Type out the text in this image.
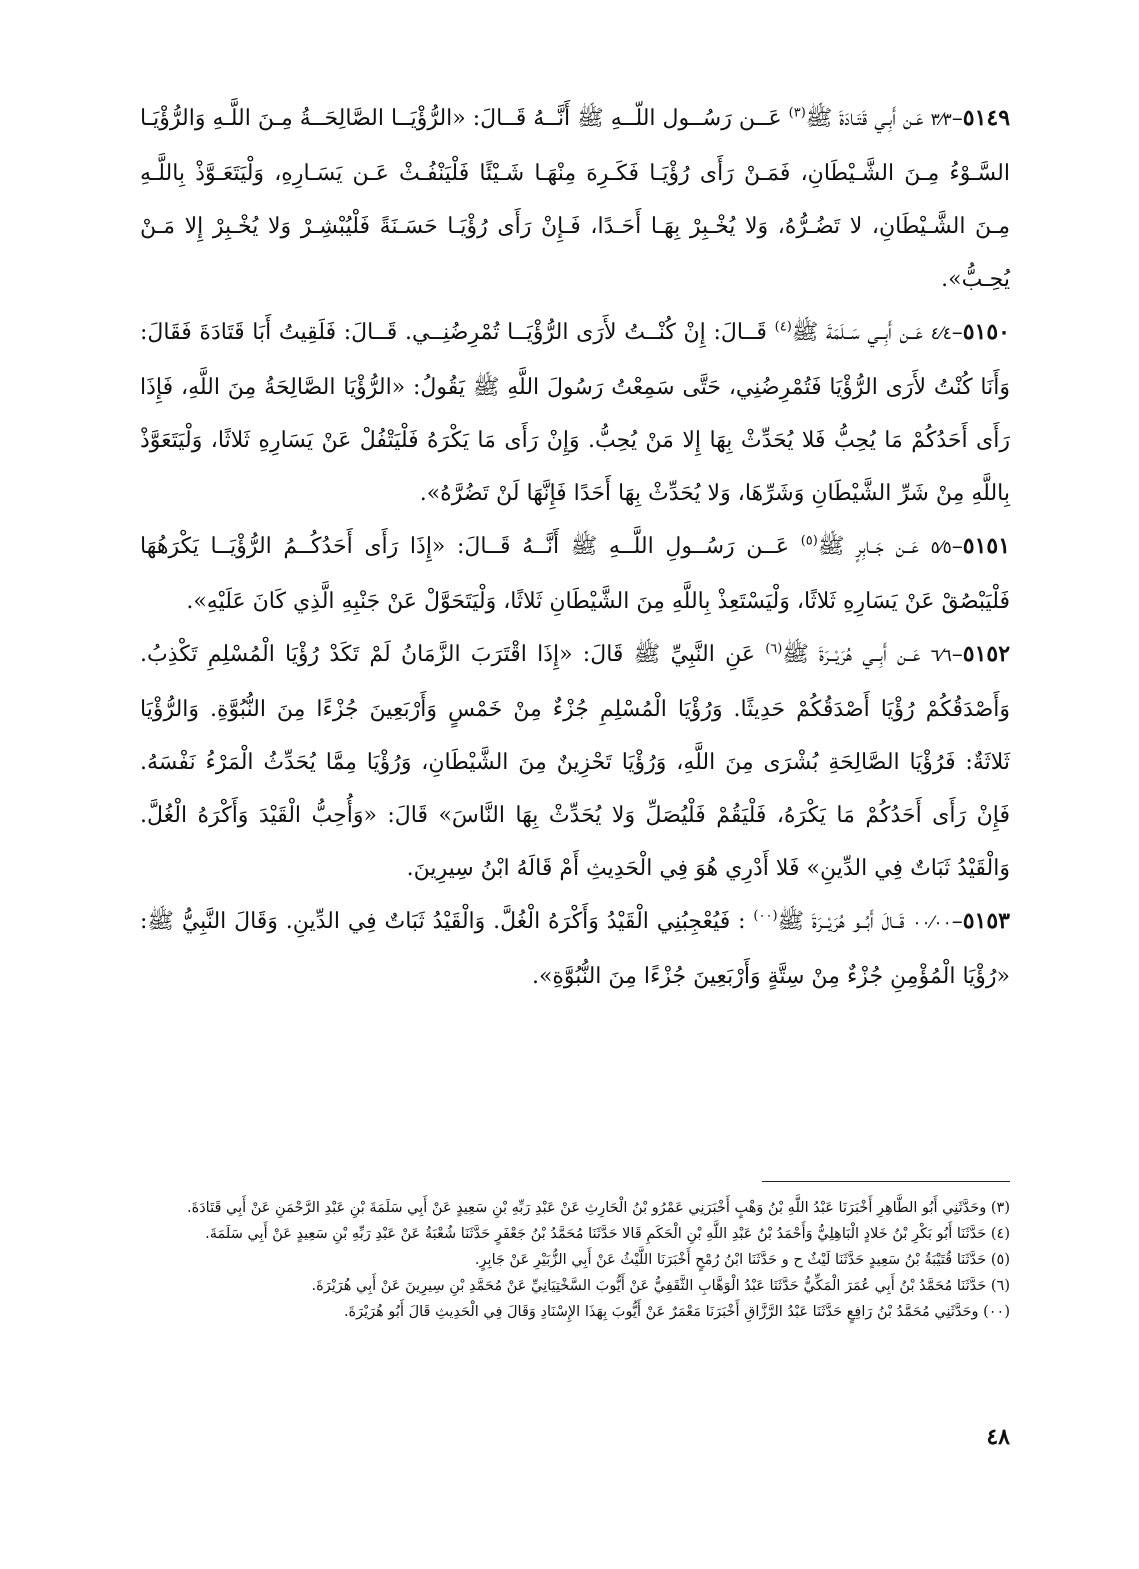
٥١٤٩–٣⁄٣ عَـن أَبِـي قَتَـادَةَ ﷺ$^{(٣)}$ عَــن رَسُــول اللّــهِ ﷺ أَنَّــهُ قَــالَ: «الرُّؤْيَــا الصَّالِحَــةُ مِـنَ اللَّـهِ وَالرُّؤْيَـا السَّـوْءُ مِـنَ الشَّـيْطَانِ، فَمَـنْ رَأَى رُؤْيَـا فَكَـرِهَ مِنْهَـا شَـيْئًا فَلْيَنْفُـثْ عَـن يَسَـارِهِ، وَلْيَتَعَـوَّذْ بِاللَّـهِ مِـنَ الشَّـيْطَانِ، لا تَضُـرُّهُ، وَلا يُخْـبِرْ بِهَـا أَحَـدًا، فَـإِنْ رَأَى رُؤْيَـا حَسَـنَةً فَلْيُبْشِـرْ وَلا يُخْـبِرْ إِلا مَـنْ يُحِـبُّ».

٥١٥٠–٤⁄٤ عَــن أَبِــي سَــلَمَةَ ﷺ$^{(٤)}$ قَــالَ: إِنْ كُنْــتُ لأَرَى الرُّؤْيَــا تُمْرِضُنِــي. قَــالَ: فَلَقِيتُ أَبَا قَتَادَةَ فَقَالَ: وَأَنَا كُنْتُ لأَرَى الرُّؤْيَا فَتُمْرِضُنِي، حَتَّى سَمِعْتُ رَسُولَ اللَّهِ ﷺ يَقُولُ: «الرُّؤْيَا الصَّالِحَةُ مِنَ اللَّهِ، فَإِذَا رَأَى أَحَدُكُمْ مَا يُحِبُّ فَلا يُحَدِّثْ بِهَا إِلا مَنْ يُحِبُّ. وَإِنْ رَأَى مَا يَكْرَهُ فَلْيَتْفُلْ عَنْ يَسَارِهِ ثَلاثًا، وَلْيَتَعَوَّذْ بِاللَّهِ مِنْ شَرِّ الشَّيْطَانِ وَشَرِّهَا، وَلا يُحَدِّثْ بِهَا أَحَدًا فَإِنَّهَا لَنْ تَضُرَّهُ».

٥١٥١–٥⁄٥ عَــن جَــابِرٍ ﷺ$^{(٥)}$ عَــن رَسُــولِ اللَّــهِ ﷺ أَنَّــهُ قَــالَ: «إِذَا رَأَى أَحَدُكُــمُ الرُّؤْيَــا يَكْرَهُهَا فَلْيَبْصُقْ عَنْ يَسَارِهِ ثَلاثًا، وَلْيَسْتَعِذْ بِاللَّهِ مِنَ الشَّيْطَانِ ثَلاثًا، وَلْيَتَحَوَّلْ عَنْ جَنْبِهِ الَّذِي كَانَ عَلَيْهِ».

٥١٥٢–٦⁄٦ عَــن أَبِــي هُرَيْــرَةَ ﷺ$^{(٦)}$ عَنِ النَّبِيِّ ﷺ قَالَ: «إِذَا اقْتَرَبَ الزَّمَانُ لَمْ تَكَدْ رُؤْيَا الْمُسْلِمِ تَكْذِبُ. وَأَصْدَقُكُمْ رُؤْيَا أَصْدَقُكُمْ حَدِيثًا. وَرُؤْيَا الْمُسْلِمِ جُزْءٌ مِنْ خَمْسٍ وَأَرْبَعِينَ جُزْءًا مِنَ النُّبُوَّةِ. وَالرُّؤْيَا ثَلاثَةٌ: فَرُؤْيَا الصَّالِحَةِ بُشْرَى مِنَ اللَّهِ، وَرُؤْيَا تَحْزِينٌ مِنَ الشَّيْطَانِ، وَرُؤْيَا مِمَّا يُحَدِّثُ الْمَرْءُ نَفْسَهُ. فَإِنْ رَأَى أَحَدُكُمْ مَا يَكْرَهُ، فَلْيَقُمْ فَلْيُصَلِّ وَلا يُحَدِّثْ بِهَا النَّاسَ» قَالَ: «وَأُحِبُّ الْقَيْدَ وَأَكْرَهُ الْغُلَّ. وَالْقَيْدُ ثَبَاتٌ فِي الدِّينِ» فَلا أَدْرِي هُوَ فِي الْحَدِيثِ أَمْ قَالَهُ ابْنُ سِيرِينَ.

٥١٥٣–٠٠⁄٠٠ قَــالَ أَبُــو هُرَيْــرَةَ ﷺ$^{(٠٠)}$ : فَيُعْجِبُنِي الْقَيْدُ وَأَكْرَهُ الْغُلَّ. وَالْقَيْدُ ثَبَاتٌ فِي الدِّينِ. وَقَالَ النَّبِيُّ ﷺ: «رُؤْيَا الْمُؤْمِنِ جُزْءٌ مِنْ سِتَّةٍ وَأَرْبَعِينَ جُزْءًا مِنَ النُّبُوَّةِ».

(٣) وحَدَّثَنِي أَبُو الطَّاهِرِ أَخْبَرَنَا عَبْدُ اللَّهِ بْنُ وَهْبٍ أَخْبَرَنِي عَمْرُو بْنُ الْحَارِثِ عَنْ عَبْدِ رَبِّهِ بْنِ سَعِيدٍ عَنْ أَبِي سَلَمَةَ بْنِ عَبْدِ الرَّحْمَنِ عَنْ أَبِي قَتَادَةَ.

(٤) حَدَّثَنَا أَبُو بَكْرِ بْنُ خَلادٍ الْبَاهِلِيُّ وَأَحْمَدُ بْنُ عَبْدِ اللَّهِ بْنِ الْحَكَمِ قَالا حَدَّثَنَا مُحَمَّدُ بْنُ جَعْفَرٍ حَدَّثَنَا شُعْبَةُ عَنْ عَبْدِ رَبِّهِ بْنِ سَعِيدٍ عَنْ أَبِي سَلَمَةَ.

(٥) حَدَّثَنَا قُتَيْبَةُ بْنُ سَعِيدٍ حَدَّثَنَا لَيْثٌ ح و حَدَّثَنَا ابْنُ رُمْحٍ أَخْبَرَنَا اللَّيْثُ عَنْ أَبِي الزُّبَيْرِ عَنْ جَابِرٍ.

(٦) حَدَّثَنَا مُحَمَّدُ بْنُ أَبِي عُمَرَ الْمَكِّيُّ حَدَّثَنَا عَبْدُ الْوَهَّابِ الثَّقَفِيُّ عَنْ أَيُّوبَ السَّخْتِيَانِيِّ عَنْ مُحَمَّدِ بْنِ سِيرِينَ عَنْ أَبِي هُرَيْرَةَ.

(٠٠) وحَدَّثَنِي مُحَمَّدُ بْنُ رَافِعٍ حَدَّثَنَا عَبْدُ الرَّزَّاقِ أَخْبَرَنَا مَعْمَرٌ عَنْ أَيُّوبَ بِهَذَا الإِسْنَادِ وَقَالَ فِي الْحَدِيثِ قَالَ أَبُو هُرَيْرَةَ.

٤٨
